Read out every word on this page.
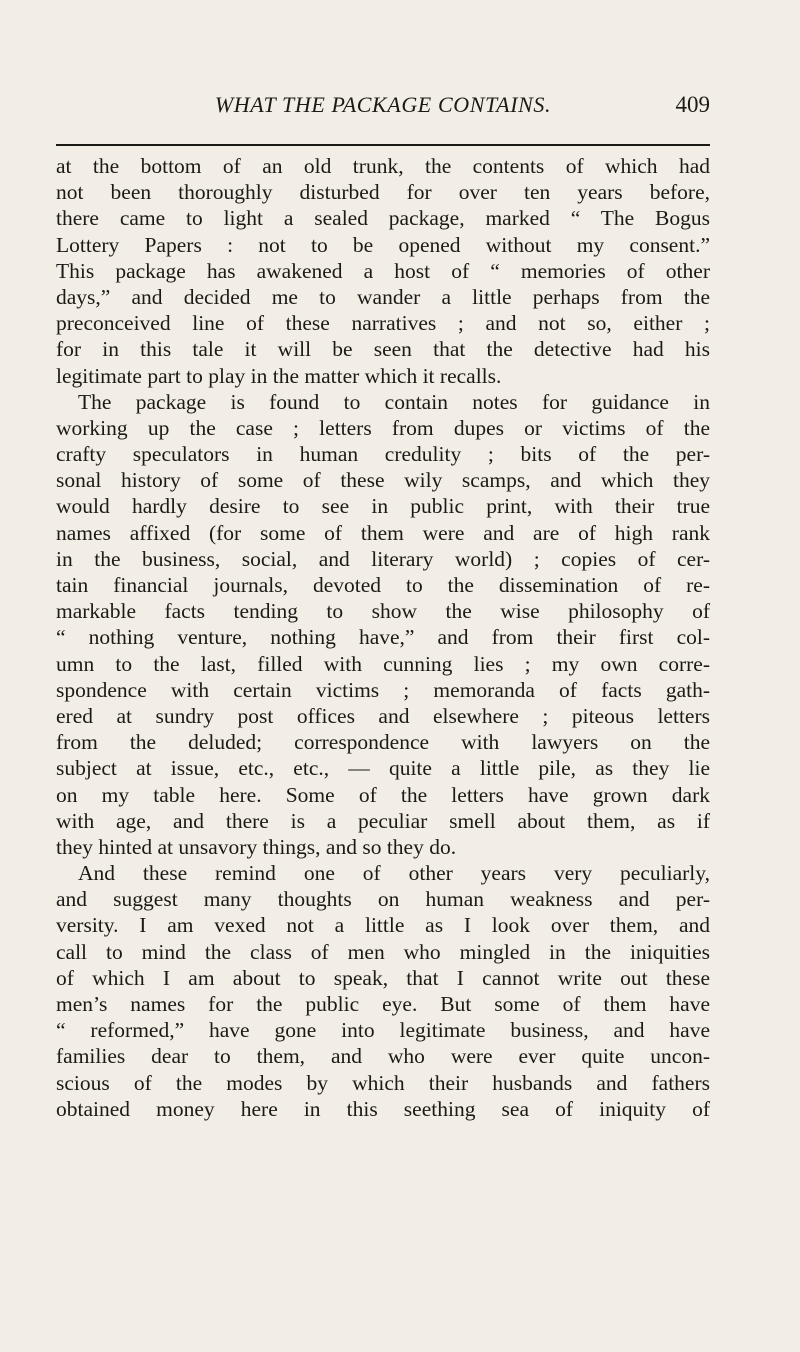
WHAT THE PACKAGE CONTAINS.	409
at the bottom of an old trunk, the contents of which had
not been thoroughly disturbed for over ten years before,
there came to light a sealed package, marked “ The Bogus
Lottery Papers : not to be opened without my consent.”
This package has awakened a host of “ memories of other
days,” and decided me to wander a little perhaps from the
preconceived line of these narratives ; and not so, either ;
for in this tale it will be seen that the detective had his
legitimate part to play in the matter which it recalls.
The package is found to contain notes for guidance in
working up the case ; letters from dupes or victims of the
crafty speculators in human credulity ; bits of the per-
sonal history of some of these wily scamps, and which they
would hardly desire to see in public print, with their true
names affixed (for some of them were and are of high rank
in the business, social, and literary world) ; copies of cer-
tain financial journals, devoted to the dissemination of re-
markable facts tending to show the wise philosophy of
“ nothing venture, nothing have,” and from their first col-
umn to the last, filled with cunning lies ; my own corre-
spondence with certain victims ; memoranda of facts gath-
ered at sundry post offices and elsewhere ; piteous letters
from the deluded; correspondence with lawyers on the
subject at issue, etc., etc., — quite a little pile, as they lie
on my table here. Some of the letters have grown dark
with age, and there is a peculiar smell about them, as if
they hinted at unsavory things, and so they do.
And these remind one of other years very peculiarly,
and suggest many thoughts on human weakness and per-
versity. I am vexed not a little as I look over them, and
call to mind the class of men who mingled in the iniquities
of which I am about to speak, that I cannot write out these
men’s names for the public eye. But some of them have
“ reformed,” have gone into legitimate business, and have
families dear to them, and who were ever quite uncon-
scious of the modes by which their husbands and fathers
obtained money here in this seething sea of iniquity of
